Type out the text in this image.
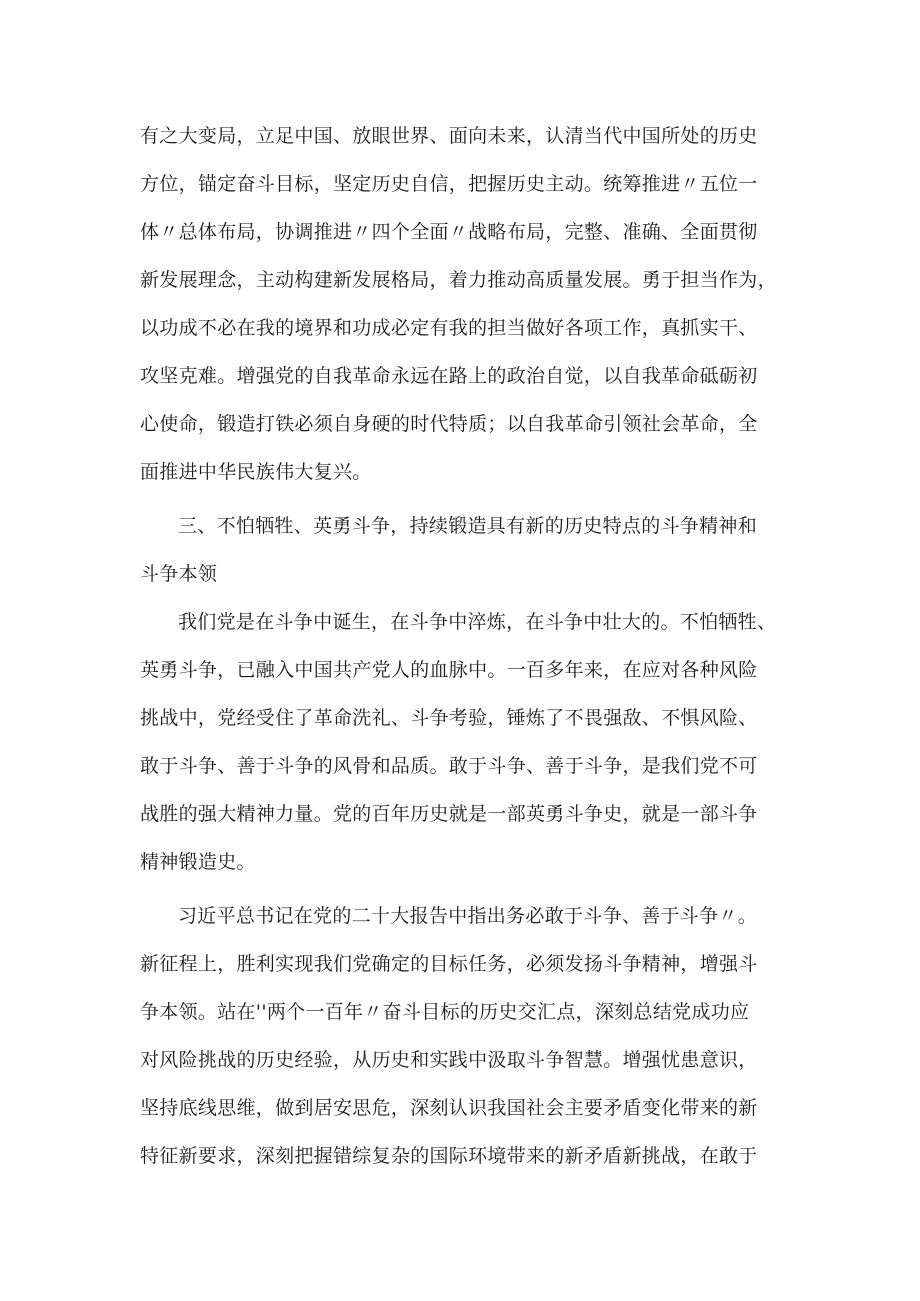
有之大变局，立足中国、放眼世界、面向未来，认清当代中国所处的历史
方位，锚定奋斗目标，坚定历史自信，把握历史主动。统筹推进〃五位一
体〃总体布局，协调推进〃四个全面〃战略布局，完整、准确、全面贯彻
新发展理念，主动构建新发展格局，着力推动高质量发展。勇于担当作为，
以功成不必在我的境界和功成必定有我的担当做好各项工作，真抓实干、
攻坚克难。增强党的自我革命永远在路上的政治自觉，以自我革命砥砺初
心使命，锻造打铁必须自身硬的时代特质；以自我革命引领社会革命，全
面推进中华民族伟大复兴。
三、不怕牺牲、英勇斗争，持续锻造具有新的历史特点的斗争精神和
斗争本领
我们党是在斗争中诞生，在斗争中淬炼，在斗争中壮大的。不怕牺牲、
英勇斗争，已融入中国共产党人的血脉中。一百多年来，在应对各种风险
挑战中，党经受住了革命洗礼、斗争考验，锤炼了不畏强敌、不惧风险、
敢于斗争、善于斗争的风骨和品质。敢于斗争、善于斗争，是我们党不可
战胜的强大精神力量。党的百年历史就是一部英勇斗争史，就是一部斗争
精神锻造史。
习近平总书记在党的二十大报告中指出务必敢于斗争、善于斗争〃。
新征程上，胜利实现我们党确定的目标任务，必须发扬斗争精神，增强斗
争本领。站在''两个一百年〃奋斗目标的历史交汇点，深刻总结党成功应
对风险挑战的历史经验，从历史和实践中汲取斗争智慧。增强忧患意识，
坚持底线思维，做到居安思危，深刻认识我国社会主要矛盾变化带来的新
特征新要求，深刻把握错综复杂的国际环境带来的新矛盾新挑战，在敢于
